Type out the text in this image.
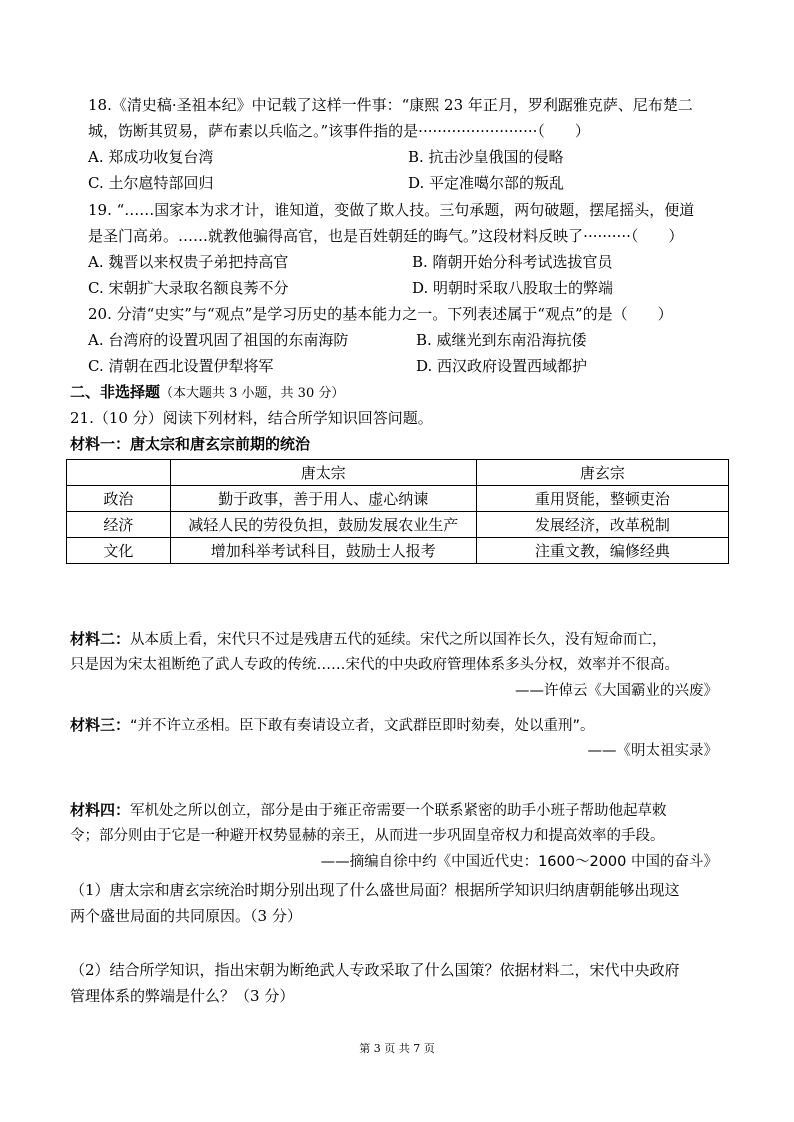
18.《清史稿·圣祖本纪》中记载了这样一件事：“康熙 23 年正月，罗利踞雅克萨、尼布楚二
城，饬断其贸易，萨布素以兵临之。”该事件指的是·························（　　）
A. 郑成功收复台湾	B. 抗击沙皇俄国的侵略
C. 土尔扈特部回归	D. 平定准噶尔部的叛乱
19. “……国家本为求才计，谁知道，变做了欺人技。三句承题，两句破题，摆尾摇头，便道
是圣门高弟。……就教他骗得高官，也是百姓朝廷的晦气。”这段材料反映了··········（　　）
A. 魏晋以来权贵子弟把持高官	B. 隋朝开始分科考试选拔官员
C. 宋朝扩大录取名额良莠不分	D. 明朝时采取八股取士的弊端
20. 分清“史实”与“观点”是学习历史的基本能力之一。下列表述属于“观点”的是（　　）
A. 台湾府的设置巩固了祖国的东南海防	B. 威继光到东南沿海抗倭
C. 清朝在西北设置伊犁将军	D. 西汉政府设置西域都护
二、非选择题（本大题共 3 小题，共 30 分）
21.（10 分）阅读下列材料，结合所学知识回答问题。
材料一：唐太宗和唐玄宗前期的统治
	唐太宗	唐玄宗
政治	勤于政事，善于用人、虚心纳谏	重用贤能，整顿吏治
经济	减轻人民的劳役负担，鼓励发展农业生产	发展经济，改革税制
文化	增加科举考试科目，鼓励士人报考	注重文教，编修经典
材料二：从本质上看，宋代只不过是残唐五代的延续。宋代之所以国祚长久，没有短命而亡，
只是因为宋太祖断绝了武人专政的传统……宋代的中央政府管理体系多头分权，效率并不很高。
——许倬云《大国霸业的兴废》
材料三：“并不许立丞相。臣下敢有奏请设立者，文武群臣即时劾奏，处以重刑”。
——《明太祖实录》
材料四：军机处之所以创立，部分是由于雍正帝需要一个联系紧密的助手小班子帮助他起草敕
令；部分则由于它是一种避开权势显赫的亲王，从而进一步巩固皇帝权力和提高效率的手段。
——摘编自徐中约《中国近代史：1600～2000 中国的奋斗》
（1）唐太宗和唐玄宗统治时期分别出现了什么盛世局面？根据所学知识归纳唐朝能够出现这
两个盛世局面的共同原因。（3 分）
（2）结合所学知识，指出宋朝为断绝武人专政采取了什么国策？依据材料二，宋代中央政府
管理体系的弊端是什么？（3 分）
第 3 页 共 7 页
